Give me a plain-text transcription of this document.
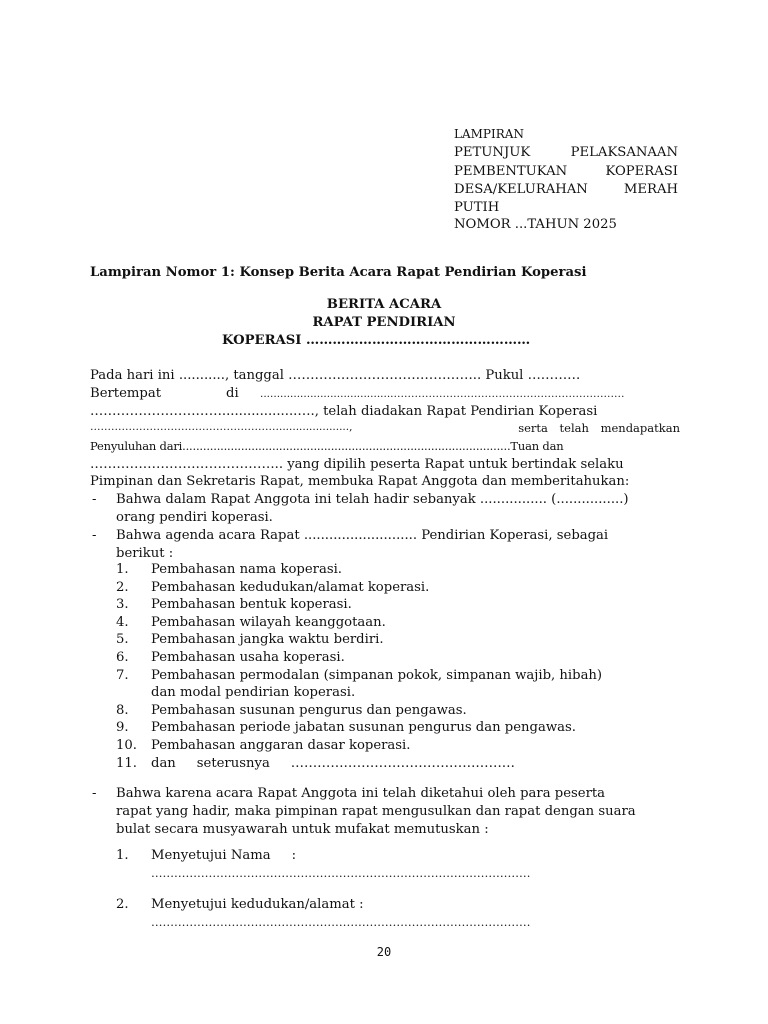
LAMPIRAN
PETUNJUK	PELAKSANAAN
PEMBENTUKAN	KOPERASI
DESA/KELURAHAN	MERAH
PUTIH
NOMOR ...TAHUN 2025
Lampiran Nomor 1: Konsep Berita Acara Rapat Pendirian Koperasi
BERITA ACARA
RAPAT PENDIRIAN
KOPERASI ……………………………………………
Pada hari ini ..........., tanggal …………………………………….. Pukul …………
Bertempat	di ........................................…………………………………………………………
…………………………..................…., telah diadakan Rapat Pendirian Koperasi
……………………………………………….....................,	serta telah mendapatkan
Penyuluhan dari...............................................................................................Tuan dan
…………………………………….. yang dipilih peserta Rapat untuk bertindak selaku
Pimpinan dan Sekretaris Rapat, membuka Rapat Anggota dan memberitahukan:
- Bahwa dalam Rapat Anggota ini telah hadir sebanyak ................ (................)
orang pendiri koperasi.
- Bahwa agenda acara Rapat ........................... Pendirian Koperasi, sebagai
berikut :
1. Pembahasan nama koperasi.
2. Pembahasan kedudukan/alamat koperasi.
3. Pembahasan bentuk koperasi.
4. Pembahasan wilayah keanggotaan.
5. Pembahasan jangka waktu berdiri.
6. Pembahasan usaha koperasi.
7. Pembahasan permodalan (simpanan pokok, simpanan wajib, hibah)
dan modal pendirian koperasi.
8. Pembahasan susunan pengurus dan pengawas.
9. Pembahasan periode jabatan susunan pengurus dan pengawas.
10. Pembahasan anggaran dasar koperasi.
11. dan     seterusnya     ……………………………………………
- Bahwa karena acara Rapat Anggota ini telah diketahui oleh para peserta
rapat yang hadir, maka pimpinan rapat mengusulkan dan rapat dengan suara
bulat secara musyawarah untuk mufakat memutuskan :
1. Menyetujui Nama     :
………………………………………………………………………………………
2. Menyetujui kedudukan/alamat :
………………………………………………………………………………………
20
